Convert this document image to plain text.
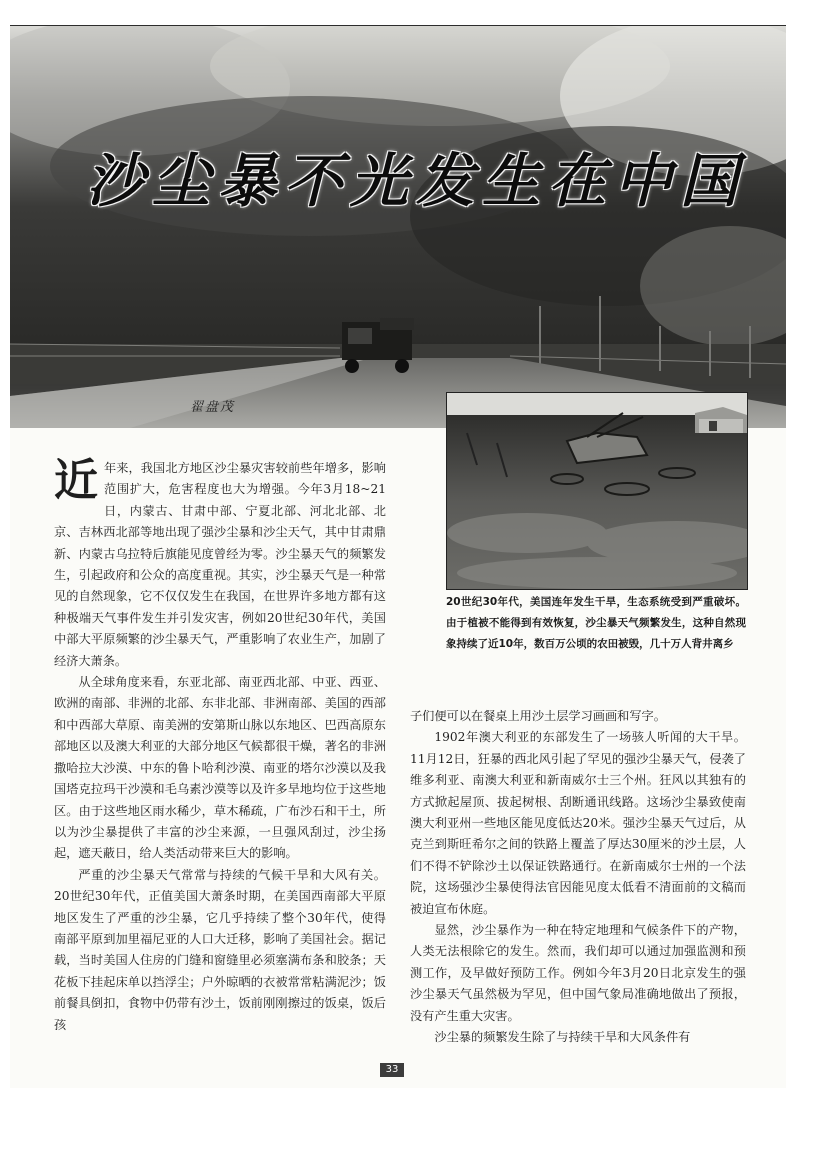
沙尘暴不光发生在中国
翟盘茂
20世纪30年代，美国连年发生干旱，生态系统受到严重破坏。由于植被不能得到有效恢复，沙尘暴天气频繁发生，这种自然现象持续了近10年，数百万公顷的农田被毁，几十万人背井离乡

近年来，我国北方地区沙尘暴灾害较前些年增多，影响范围扩大，危害程度也大为增强。今年3月18~21日，内蒙古、甘肃中部、宁夏北部、河北北部、北京、吉林西北部等地出现了强沙尘暴和沙尘天气，其中甘肃鼎新、内蒙古乌拉特后旗能见度曾经为零。沙尘暴天气的频繁发生，引起政府和公众的高度重视。其实，沙尘暴天气是一种常见的自然现象，它不仅仅发生在我国，在世界许多地方都有这种极端天气事件发生并引发灾害，例如20世纪30年代，美国中部大平原频繁的沙尘暴天气，严重影响了农业生产，加剧了经济大萧条。

从全球角度来看，东亚北部、南亚西北部、中亚、西亚、欧洲的南部、非洲的北部、东非北部、非洲南部、美国的西部和中西部大草原、南美洲的安第斯山脉以东地区、巴西高原东部地区以及澳大利亚的大部分地区气候都很干燥，著名的非洲撒哈拉大沙漠、中东的鲁卜哈利沙漠、南亚的塔尔沙漠以及我国塔克拉玛干沙漠和毛乌素沙漠等以及许多旱地均位于这些地区。由于这些地区雨水稀少，草木稀疏，广布沙石和干土，所以为沙尘暴提供了丰富的沙尘来源，一旦强风刮过，沙尘扬起，遮天蔽日，给人类活动带来巨大的影响。

严重的沙尘暴天气常常与持续的气候干旱和大风有关。20世纪30年代，正值美国大萧条时期，在美国西南部大平原地区发生了严重的沙尘暴，它几乎持续了整个30年代，使得南部平原到加里福尼亚的人口大迁移，影响了美国社会。据记载，当时美国人住房的门缝和窗缝里必须塞满布条和胶条；天花板下挂起床单以挡浮尘；户外晾晒的衣被常常粘满泥沙；饭前餐具倒扣，食物中仍带有沙土，饭前刚刚擦过的饭桌，饭后孩

子们便可以在餐桌上用沙土层学习画画和写字。

1902年澳大利亚的东部发生了一场骇人听闻的大干旱。11月12日，狂暴的西北风引起了罕见的强沙尘暴天气，侵袭了维多利亚、南澳大利亚和新南威尔士三个州。狂风以其独有的方式掀起屋顶、拔起树根、刮断通讯线路。这场沙尘暴致使南澳大利亚州一些地区能见度低达20米。强沙尘暴天气过后，从克兰到斯旺希尔之间的铁路上覆盖了厚达30厘米的沙土层，人们不得不铲除沙土以保证铁路通行。在新南威尔士州的一个法院，这场强沙尘暴使得法官因能见度太低看不清面前的文稿而被迫宣布休庭。

显然，沙尘暴作为一种在特定地理和气候条件下的产物，人类无法根除它的发生。然而，我们却可以通过加强监测和预测工作，及早做好预防工作。例如今年3月20日北京发生的强沙尘暴天气虽然极为罕见，但中国气象局准确地做出了预报，没有产生重大灾害。

沙尘暴的频繁发生除了与持续干旱和大风条件有

33
